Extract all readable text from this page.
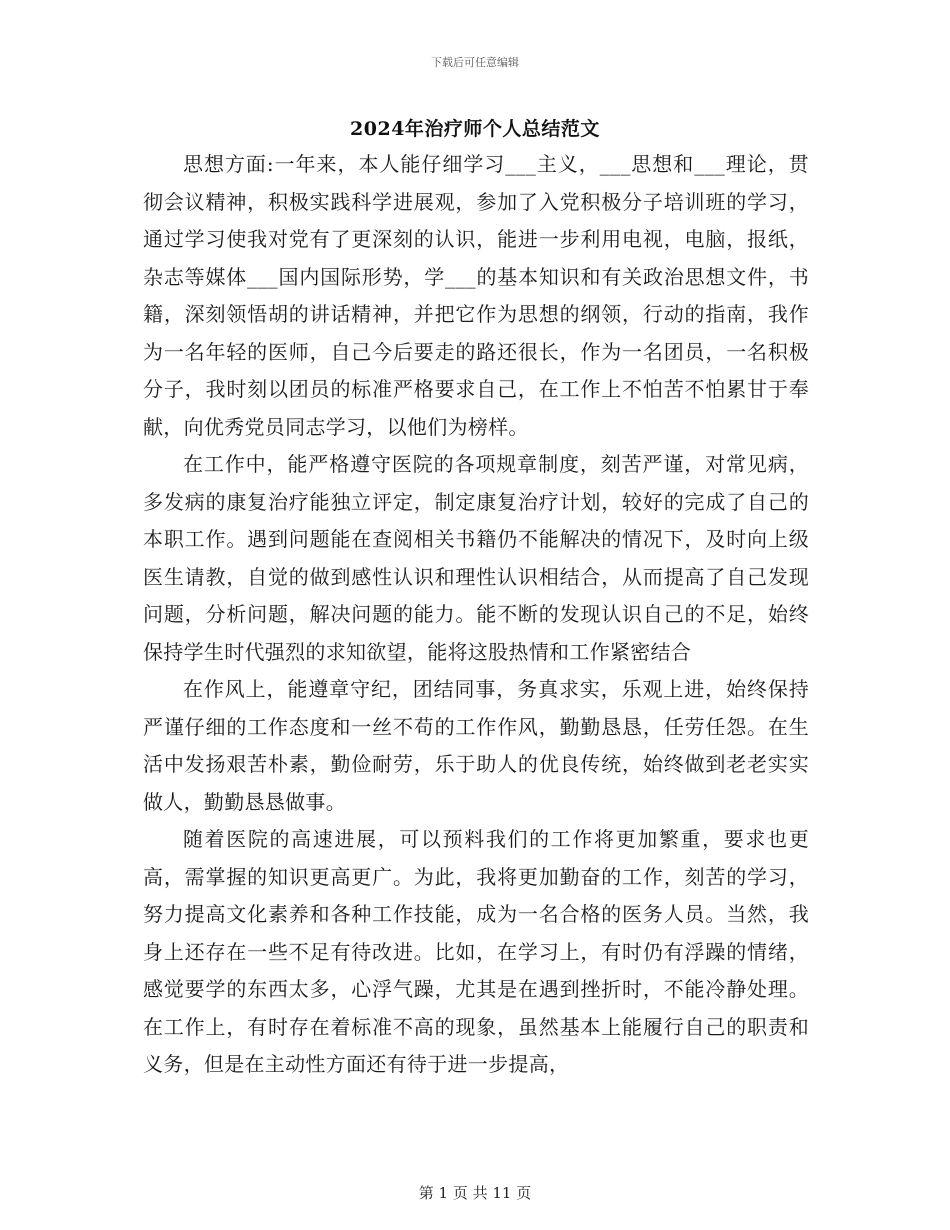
下载后可任意编辑
2024年治疗师个人总结范文

思想方面:一年来，本人能仔细学习___主义，___思想和___理论，贯彻会议精神，积极实践科学进展观，参加了入党积极分子培训班的学习，通过学习使我对党有了更深刻的认识，能进一步利用电视，电脑，报纸，杂志等媒体___国内国际形势，学___的基本知识和有关政治思想文件，书籍，深刻领悟胡的讲话精神，并把它作为思想的纲领，行动的指南，我作为一名年轻的医师，自己今后要走的路还很长，作为一名团员，一名积极分子，我时刻以团员的标准严格要求自己，在工作上不怕苦不怕累甘于奉献，向优秀党员同志学习，以他们为榜样。

在工作中，能严格遵守医院的各项规章制度，刻苦严谨，对常见病，多发病的康复治疗能独立评定，制定康复治疗计划，较好的完成了自己的本职工作。遇到问题能在查阅相关书籍仍不能解决的情况下，及时向上级医生请教，自觉的做到感性认识和理性认识相结合，从而提高了自己发现问题，分析问题，解决问题的能力。能不断的发现认识自己的不足，始终保持学生时代强烈的求知欲望，能将这股热情和工作紧密结合

在作风上，能遵章守纪，团结同事，务真求实，乐观上进，始终保持严谨仔细的工作态度和一丝不苟的工作作风，勤勤恳恳，任劳任怨。在生活中发扬艰苦朴素，勤俭耐劳，乐于助人的优良传统，始终做到老老实实做人，勤勤恳恳做事。

随着医院的高速进展，可以预料我们的工作将更加繁重，要求也更高，需掌握的知识更高更广。为此，我将更加勤奋的工作，刻苦的学习，努力提高文化素养和各种工作技能，成为一名合格的医务人员。当然，我身上还存在一些不足有待改进。比如，在学习上，有时仍有浮躁的情绪，感觉要学的东西太多，心浮气躁，尤其是在遇到挫折时，不能冷静处理。在工作上，有时存在着标准不高的现象，虽然基本上能履行自己的职责和义务，但是在主动性方面还有待于进一步提高，

第 1 页 共 11 页
